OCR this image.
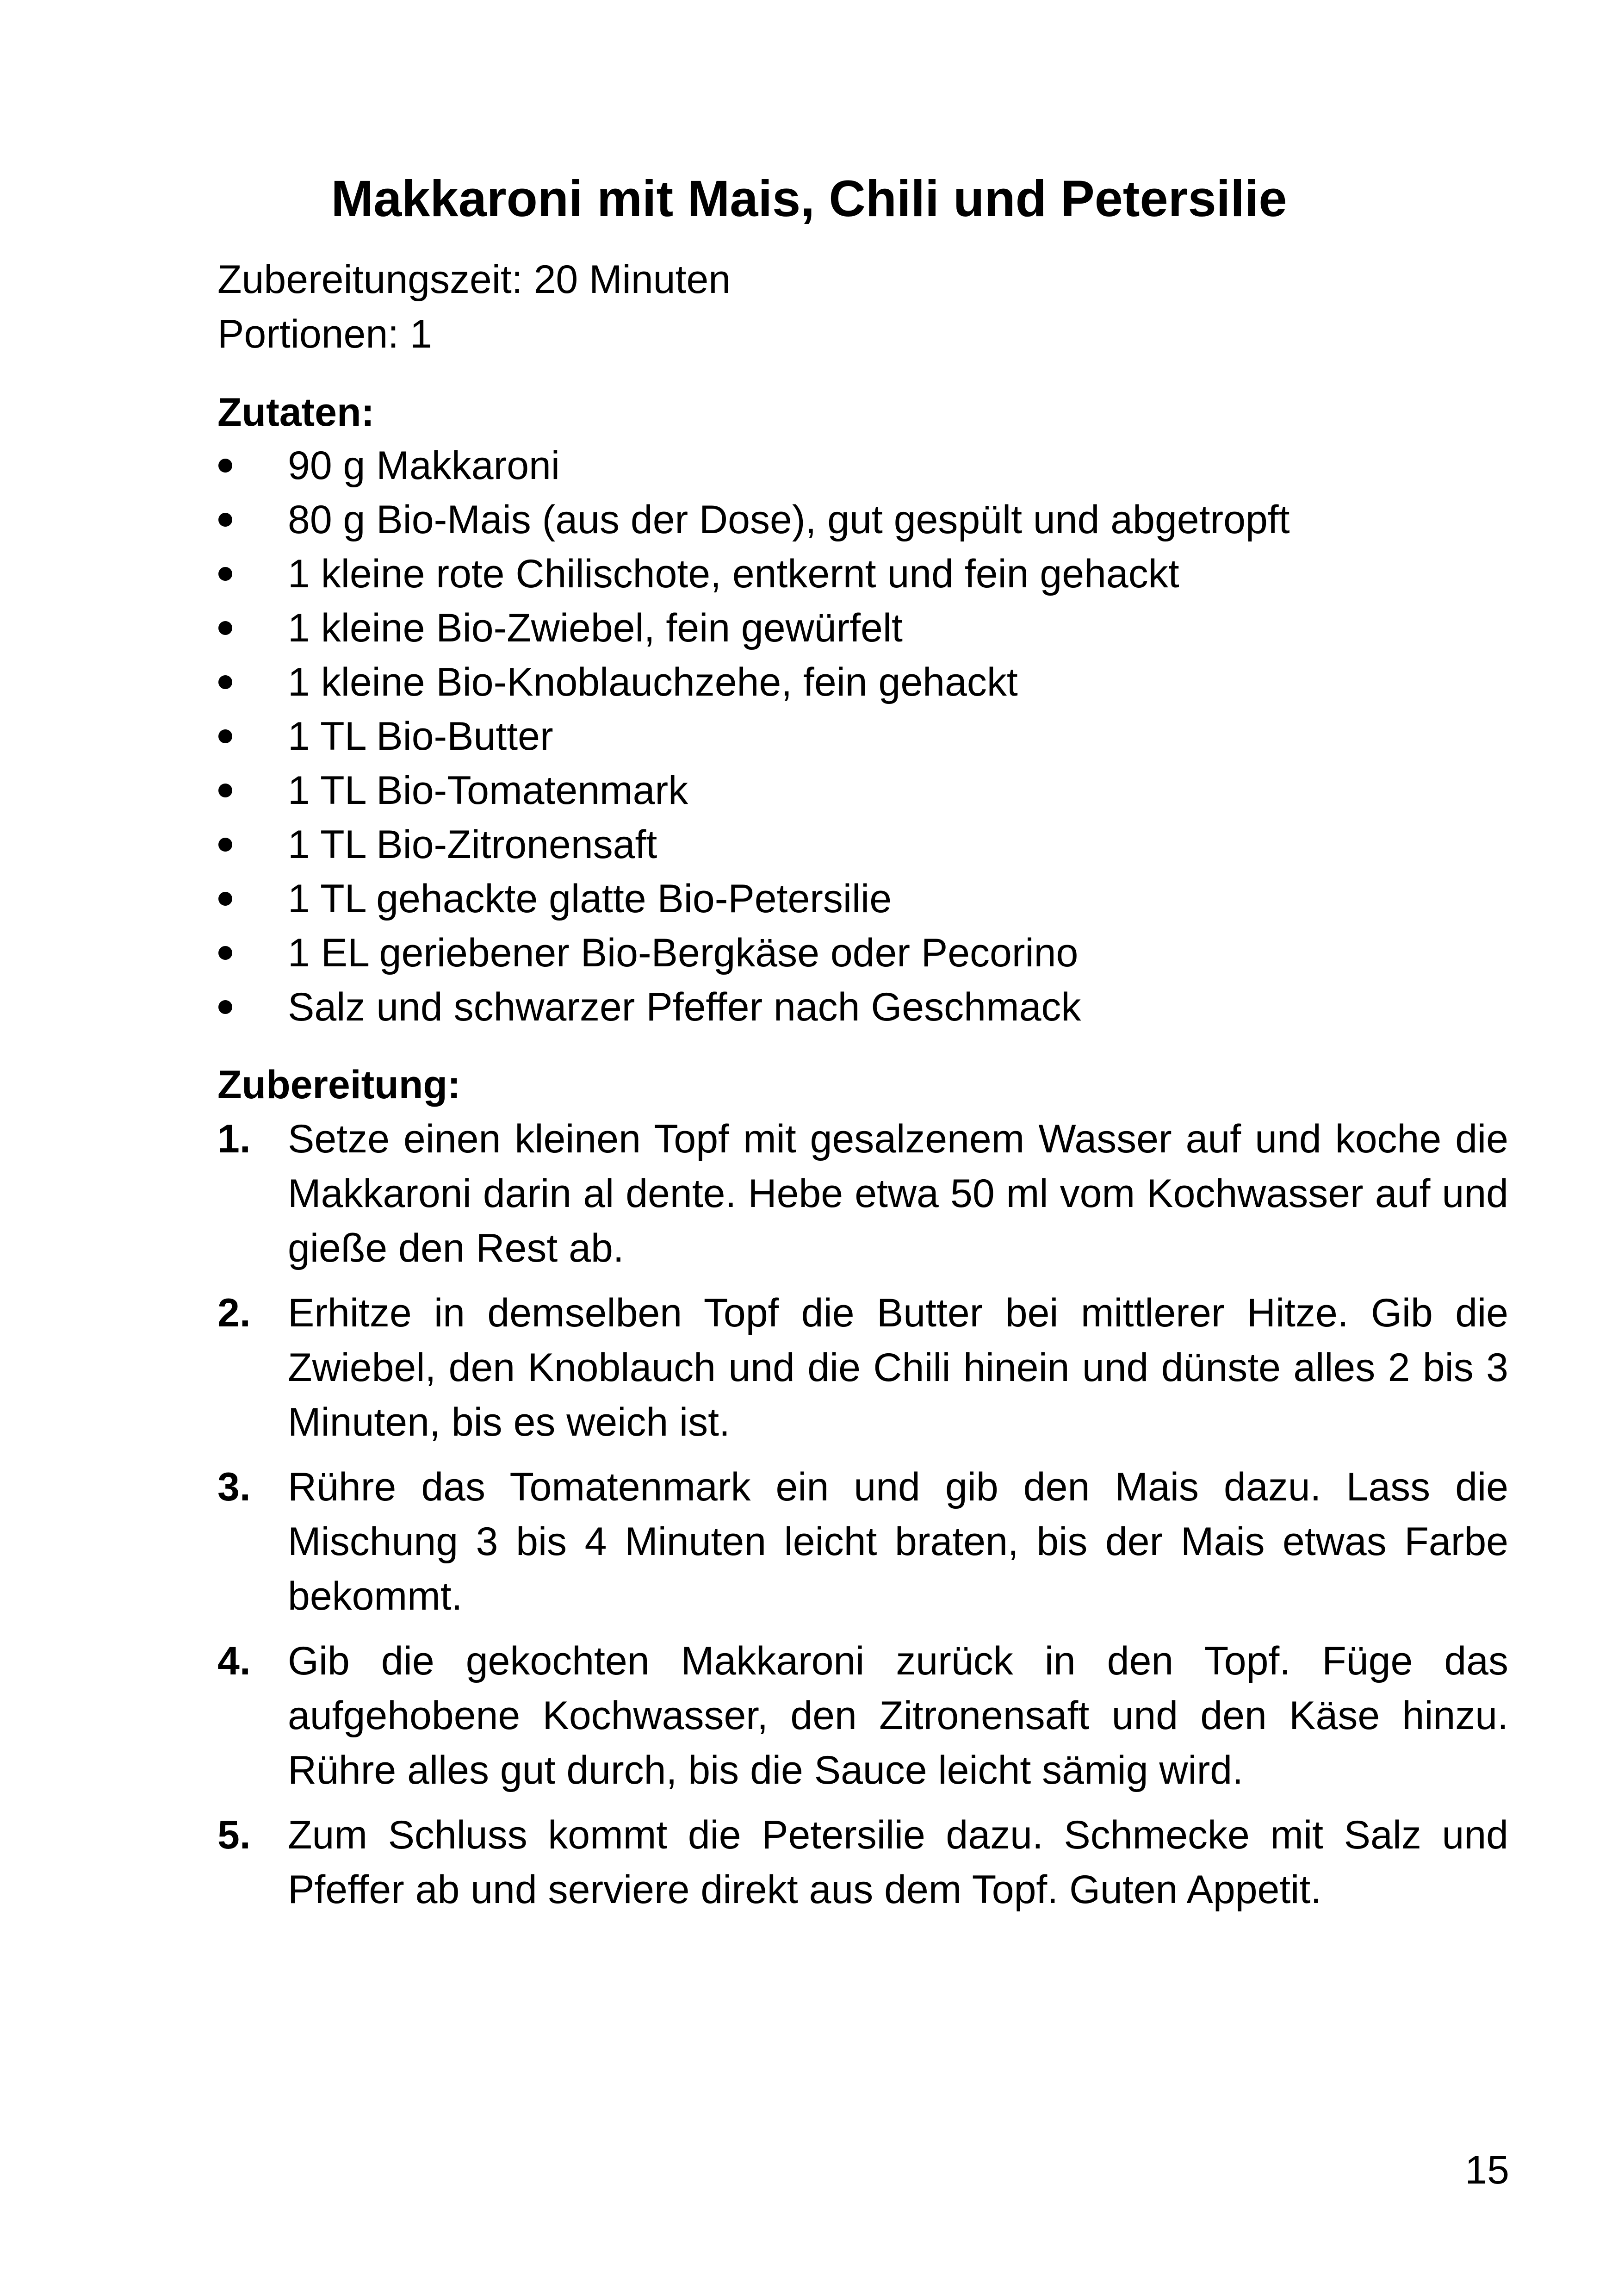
Makkaroni mit Mais, Chili und Petersilie
Zubereitungszeit: 20 Minuten
Portionen: 1
Zutaten:
90 g Makkaroni
80 g Bio-Mais (aus der Dose), gut gespült und abgetropft
1 kleine rote Chilischote, entkernt und fein gehackt
1 kleine Bio-Zwiebel, fein gewürfelt
1 kleine Bio-Knoblauchzehe, fein gehackt
1 TL Bio-Butter
1 TL Bio-Tomatenmark
1 TL Bio-Zitronensaft
1 TL gehackte glatte Bio-Petersilie
1 EL geriebener Bio-Bergkäse oder Pecorino
Salz und schwarzer Pfeffer nach Geschmack
Zubereitung:
1. Setze einen kleinen Topf mit gesalzenem Wasser auf und koche die Makkaroni darin al dente. Hebe etwa 50 ml vom Kochwasser auf und gieße den Rest ab.
2. Erhitze in demselben Topf die Butter bei mittlerer Hitze. Gib die Zwiebel, den Knoblauch und die Chili hinein und dünste alles 2 bis 3 Minuten, bis es weich ist.
3. Rühre das Tomatenmark ein und gib den Mais dazu. Lass die Mischung 3 bis 4 Minuten leicht braten, bis der Mais etwas Farbe bekommt.
4. Gib die gekochten Makkaroni zurück in den Topf. Füge das aufgehobene Kochwasser, den Zitronensaft und den Käse hinzu. Rühre alles gut durch, bis die Sauce leicht sämig wird.
5. Zum Schluss kommt die Petersilie dazu. Schmecke mit Salz und Pfeffer ab und serviere direkt aus dem Topf. Guten Appetit.
15
